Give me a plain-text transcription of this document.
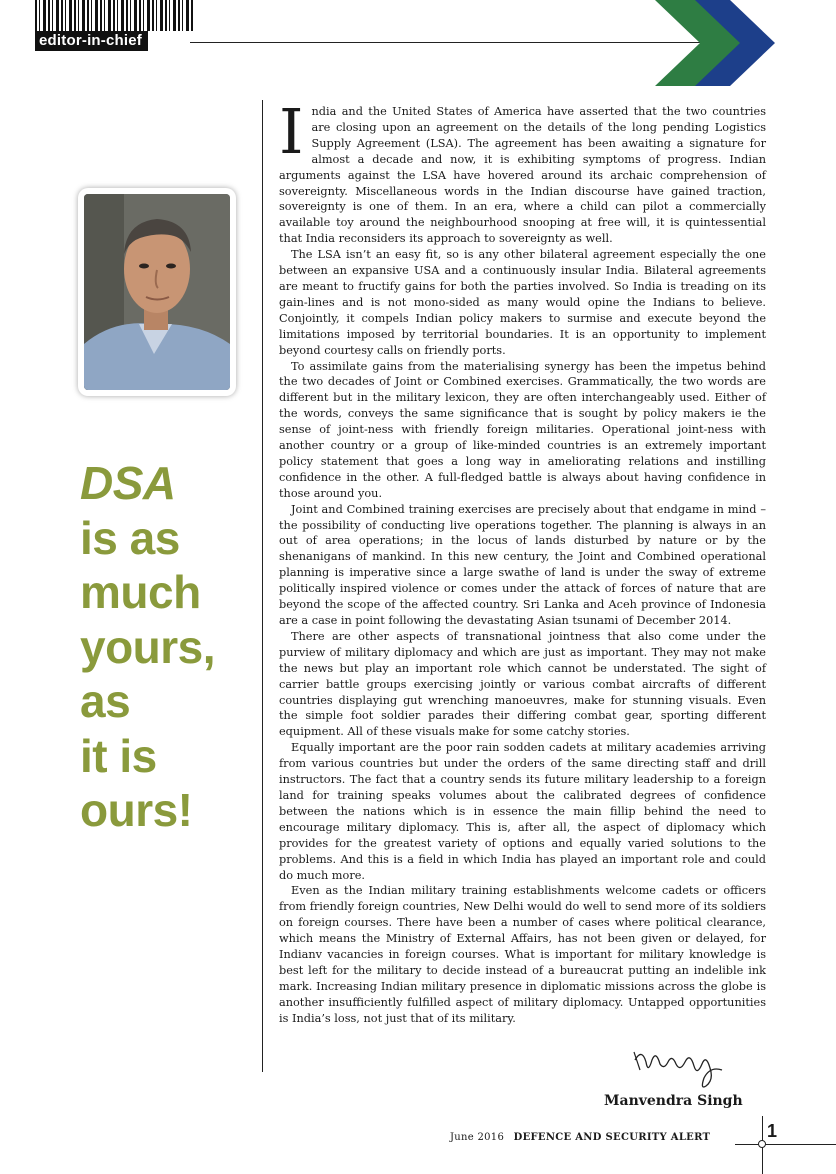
editor-in-chief
DSA
is as
much
yours,
as
it is
ours!

India and the United States of America have asserted that the two countries are closing upon an agreement on the details of the long pending Logistics Supply Agreement (LSA). The agreement has been awaiting a signature for almost a decade and now, it is exhibiting symptoms of progress. Indian arguments against the LSA have hovered around its archaic comprehension of sovereignty. Miscellaneous words in the Indian discourse have gained traction, sovereignty is one of them. In an era, where a child can pilot a commercially available toy around the neighbourhood snooping at free will, it is quintessential that India reconsiders its approach to sovereignty as well.

The LSA isn’t an easy fit, so is any other bilateral agreement especially the one between an expansive USA and a continuously insular India. Bilateral agreements are meant to fructify gains for both the parties involved. So India is treading on its gain-lines and is not mono-sided as many would opine the Indians to believe. Conjointly, it compels Indian policy makers to surmise and execute beyond the limitations imposed by territorial boundaries. It is an opportunity to implement beyond courtesy calls on friendly ports.

To assimilate gains from the materialising synergy has been the impetus behind the two decades of Joint or Combined exercises. Grammatically, the two words are different but in the military lexicon, they are often interchangeably used. Either of the words, conveys the same significance that is sought by policy makers ie the sense of joint-ness with friendly foreign militaries. Operational joint-ness with another country or a group of like-minded countries is an extremely important policy statement that goes a long way in ameliorating relations and instilling confidence in the other. A full-fledged battle is always about having confidence in those around you.

Joint and Combined training exercises are precisely about that endgame in mind – the possibility of conducting live operations together. The planning is always in an out of area operations; in the locus of lands disturbed by nature or by the shenanigans of mankind. In this new century, the Joint and Combined operational planning is imperative since a large swathe of land is under the sway of extreme politically inspired violence or comes under the attack of forces of nature that are beyond the scope of the affected country. Sri Lanka and Aceh province of Indonesia are a case in point following the devastating Asian tsunami of December 2014.

There are other aspects of transnational jointness that also come under the purview of military diplomacy and which are just as important. They may not make the news but play an important role which cannot be understated. The sight of carrier battle groups exercising jointly or various combat aircrafts of different countries displaying gut wrenching manoeuvres, make for stunning visuals. Even the simple foot soldier parades their differing combat gear, sporting different equipment. All of these visuals make for some catchy stories.

Equally important are the poor rain sodden cadets at military academies arriving from various countries but under the orders of the same directing staff and drill instructors. The fact that a country sends its future military leadership to a foreign land for training speaks volumes about the calibrated degrees of confidence between the nations which is in essence the main fillip behind the need to encourage military diplomacy. This is, after all, the aspect of diplomacy which provides for the greatest variety of options and equally varied solutions to the problems. And this is a field in which India has played an important role and could do much more.

Even as the Indian military training establishments welcome cadets or officers from friendly foreign countries, New Delhi would do well to send more of its soldiers on foreign courses. There have been a number of cases where political clearance, which means the Ministry of External Affairs, has not been given or delayed, for Indianv vacancies in foreign courses. What is important for military knowledge is best left for the military to decide instead of a bureaucrat putting an indelible ink mark. Increasing Indian military presence in diplomatic missions across the globe is another insufficiently fulfilled aspect of military diplomacy. Untapped opportunities is India’s loss, not just that of its military.

Manvendra Singh
June 2016 DEFENCE AND SECURITY ALERT	1
